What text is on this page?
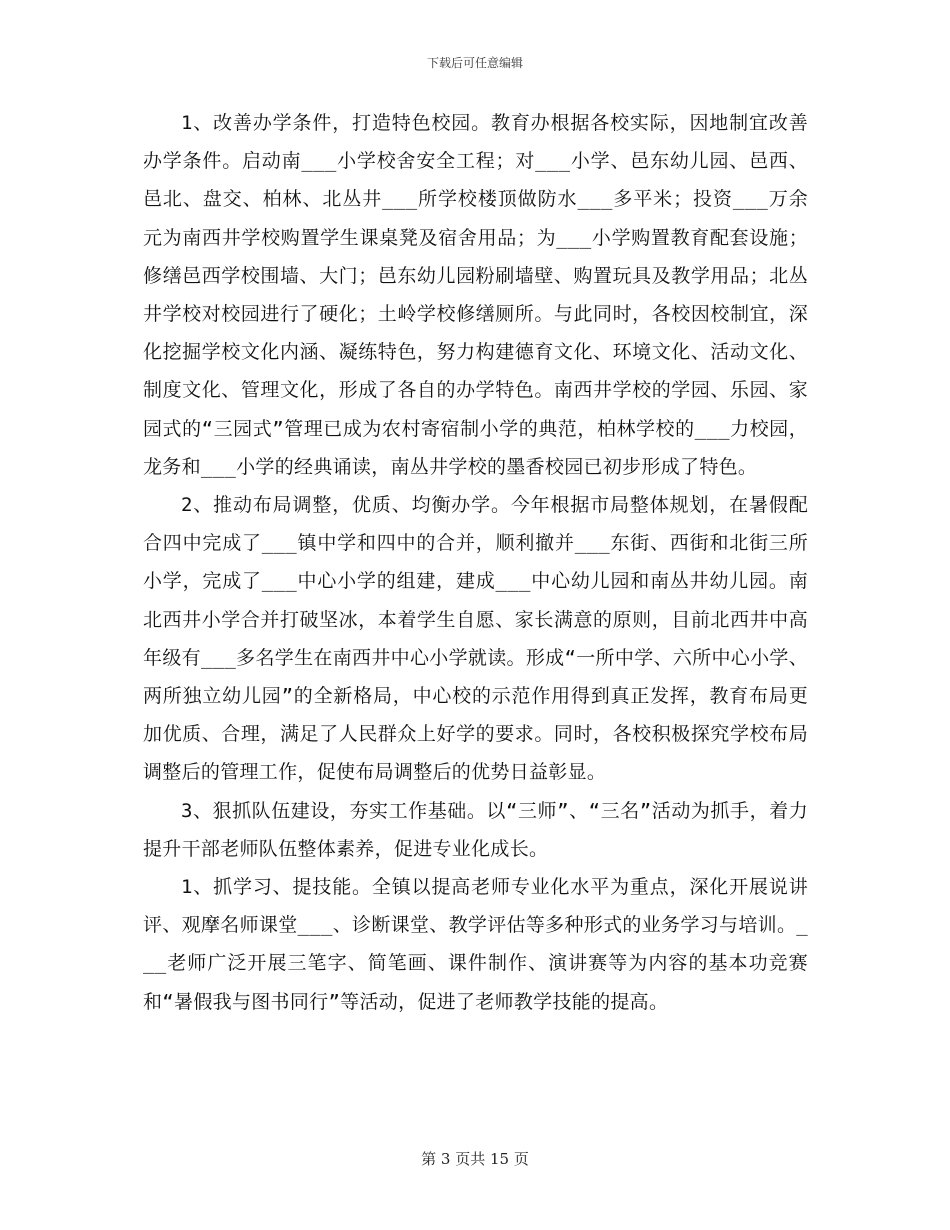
下载后可任意编辑

1、改善办学条件，打造特色校园。教育办根据各校实际，因地制宜改善办学条件。启动南___小学校舍安全工程；对___小学、邑东幼儿园、邑西、邑北、盘交、柏林、北丛井___所学校楼顶做防水___多平米；投资___万余元为南西井学校购置学生课桌凳及宿舍用品；为___小学购置教育配套设施；修缮邑西学校围墙、大门；邑东幼儿园粉刷墙壁、购置玩具及教学用品；北丛井学校对校园进行了硬化；土岭学校修缮厕所。与此同时，各校因校制宜，深化挖掘学校文化内涵、凝练特色，努力构建德育文化、环境文化、活动文化、制度文化、管理文化，形成了各自的办学特色。南西井学校的学园、乐园、家园式的“三园式”管理已成为农村寄宿制小学的典范，柏林学校的___力校园，龙务和___小学的经典诵读，南丛井学校的墨香校园已初步形成了特色。

2、推动布局调整，优质、均衡办学。今年根据市局整体规划，在暑假配合四中完成了___镇中学和四中的合并，顺利撤并___东街、西街和北街三所小学，完成了___中心小学的组建，建成___中心幼儿园和南丛井幼儿园。南北西井小学合并打破坚冰，本着学生自愿、家长满意的原则，目前北西井中高年级有___多名学生在南西井中心小学就读。形成“一所中学、六所中心小学、两所独立幼儿园”的全新格局，中心校的示范作用得到真正发挥，教育布局更加优质、合理，满足了人民群众上好学的要求。同时，各校积极探究学校布局调整后的管理工作，促使布局调整后的优势日益彰显。

3、狠抓队伍建设，夯实工作基础。以“三师”、“三名”活动为抓手，着力提升干部老师队伍整体素养，促进专业化成长。

1、抓学习、提技能。全镇以提高老师专业化水平为重点，深化开展说讲评、观摩名师课堂___、诊断课堂、教学评估等多种形式的业务学习与培训。___老师广泛开展三笔字、简笔画、课件制作、演讲赛等为内容的基本功竞赛和“暑假我与图书同行”等活动，促进了老师教学技能的提高。

第 3 页共 15 页
